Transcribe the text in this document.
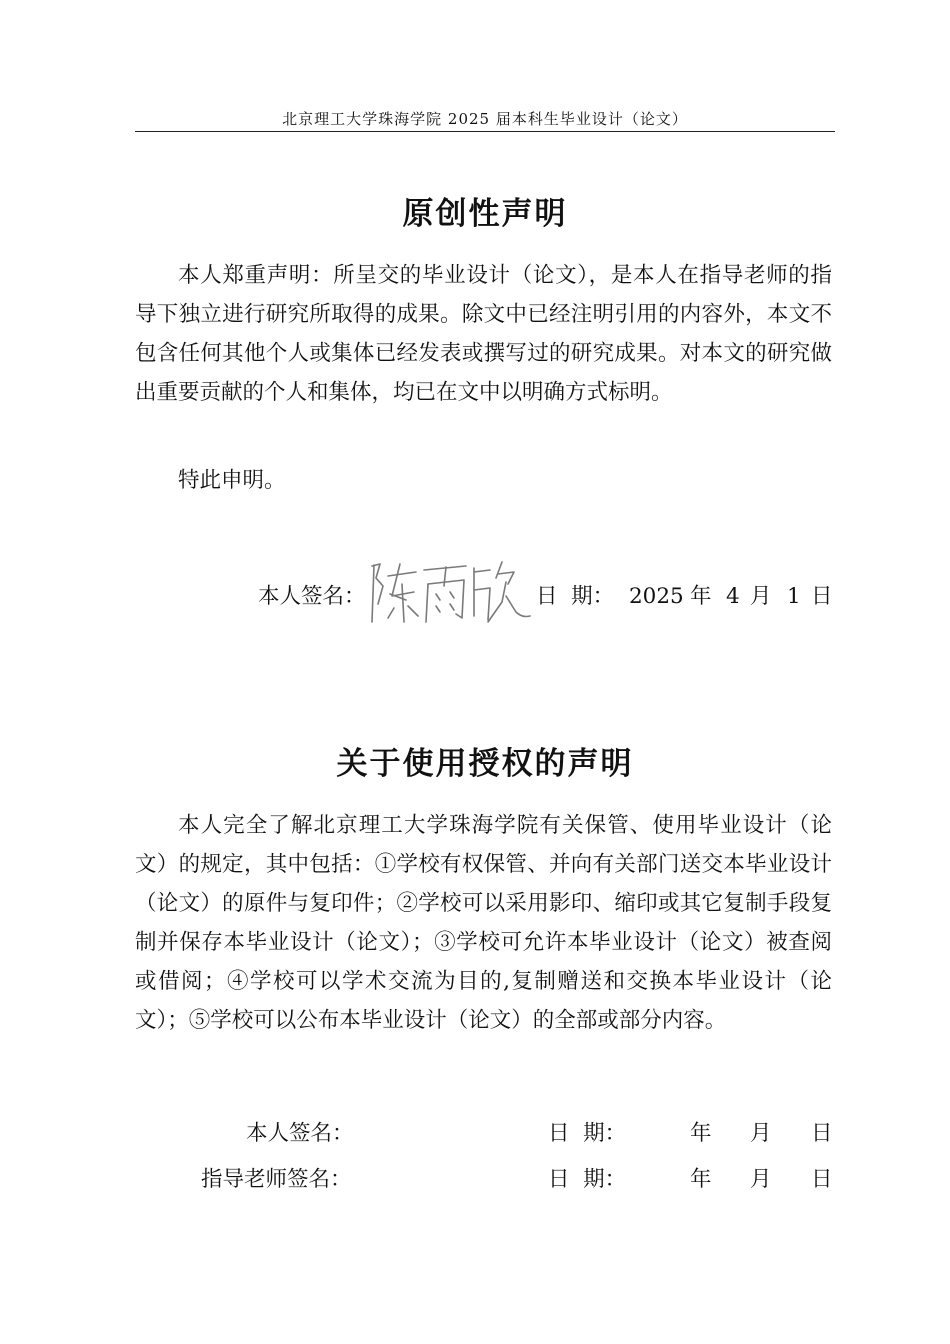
北京理工大学珠海学院 2025 届本科生毕业设计（论文）
原创性声明

本人郑重声明：所呈交的毕业设计（论文），是本人在指导老师的指导下独立进行研究所取得的成果。除文中已经注明引用的内容外，本文不包含任何其他个人或集体已经发表或撰写过的研究成果。对本文的研究做出重要贡献的个人和集体，均已在文中以明确方式标明。

特此申明。

本人签名：	日  期： 2025 年 4 月 1 日
关于使用授权的声明

本人完全了解北京理工大学珠海学院有关保管、使用毕业设计（论文）的规定，其中包括：①学校有权保管、并向有关部门送交本毕业设计（论文）的原件与复印件；②学校可以采用影印、缩印或其它复制手段复制并保存本毕业设计（论文）；③学校可允许本毕业设计（论文）被查阅或借阅；④学校可以学术交流为目的,复制赠送和交换本毕业设计（论文）；⑤学校可以公布本毕业设计（论文）的全部或部分内容。

本人签名：	日  期：	年 月 日
指导老师签名：	日  期：	年 月 日
